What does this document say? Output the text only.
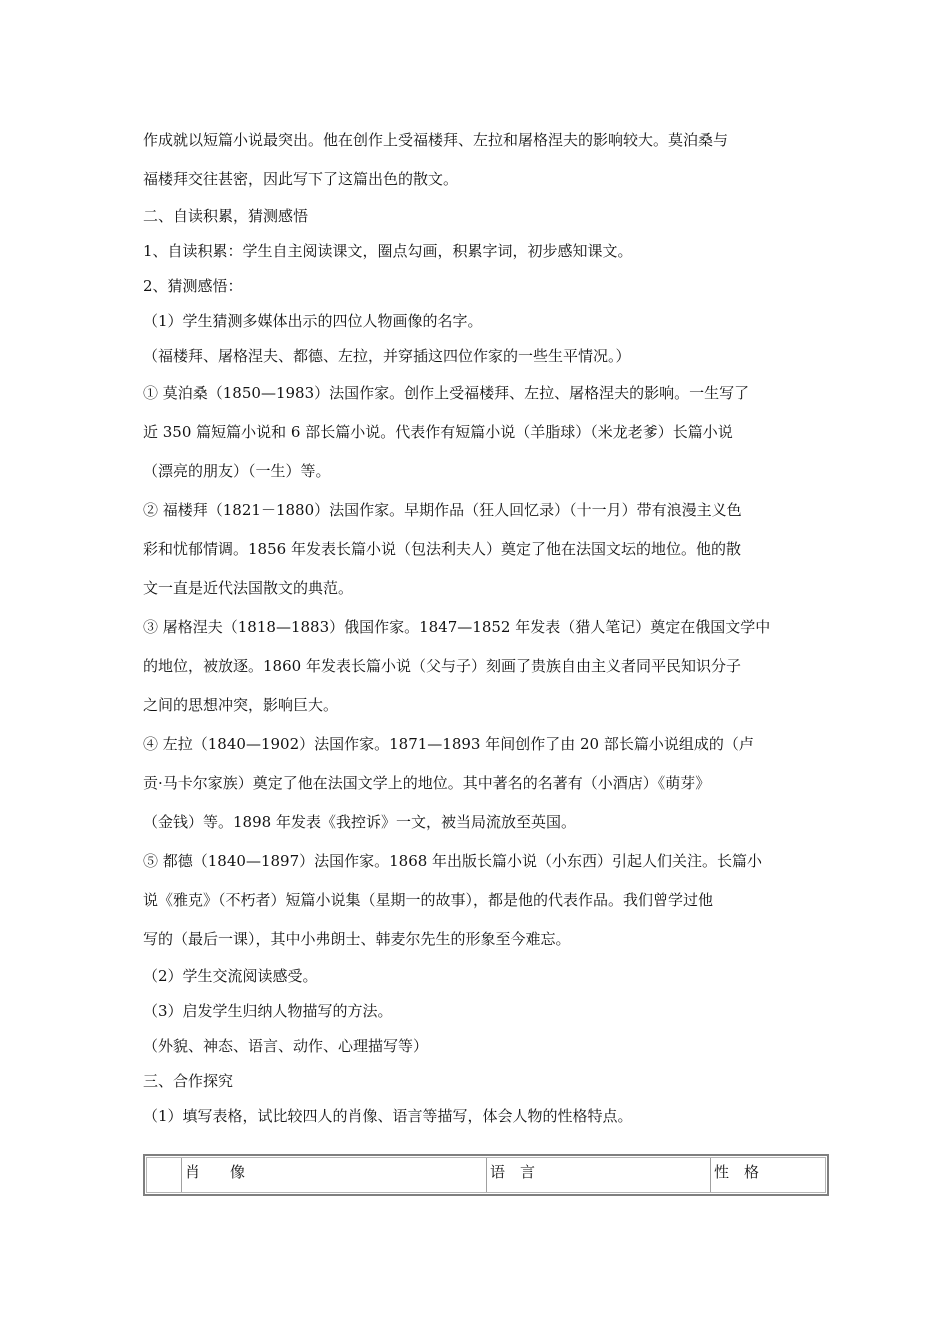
作成就以短篇小说最突出。他在创作上受福楼拜、左拉和屠格涅夫的影响较大。莫泊桑与

福楼拜交往甚密，因此写下了这篇出色的散文。

二、自读积累，猜测感悟

1、自读积累：学生自主阅读课文，圈点勾画，积累字词，初步感知课文。

2、猜测感悟：

（1）学生猜测多媒体出示的四位人物画像的名字。

（福楼拜、屠格涅夫、都德、左拉，并穿插这四位作家的一些生平情况。）

① 莫泊桑（1850—1983）法国作家。创作上受福楼拜、左拉、屠格涅夫的影响。一生写了

近 350 篇短篇小说和 6 部长篇小说。代表作有短篇小说（羊脂球）（米龙老爹）长篇小说

（漂亮的朋友）（一生）等。

② 福楼拜（1821－1880）法国作家。早期作品（狂人回忆录）（十一月）带有浪漫主义色

彩和忧郁情调。1856 年发表长篇小说（包法利夫人）奠定了他在法国文坛的地位。他的散

文一直是近代法国散文的典范。

③ 屠格涅夫（1818—1883）俄国作家。1847—1852 年发表（猎人笔记）奠定在俄国文学中

的地位，被放逐。1860 年发表长篇小说（父与子）刻画了贵族自由主义者同平民知识分子

之间的思想冲突，影响巨大。

④ 左拉（1840—1902）法国作家。1871—1893 年间创作了由 20 部长篇小说组成的（卢

贡·马卡尔家族）奠定了他在法国文学上的地位。其中著名的名著有（小酒店）《萌芽》

（金钱）等。1898 年发表《我控诉》一文，被当局流放至英国。

⑤ 都德（1840—1897）法国作家。1868 年出版长篇小说（小东西）引起人们关注。长篇小

说《雅克》（不朽者）短篇小说集（星期一的故事），都是他的代表作品。我们曾学过他

写的（最后一课），其中小弗朗士、韩麦尔先生的形象至今难忘。

（2）学生交流阅读感受。

（3）启发学生归纳人物描写的方法。

（外貌、神态、语言、动作、心理描写等）

三、合作探究

（1）填写表格，试比较四人的肖像、语言等描写，体会人物的性格特点。

肖　　像	语　言	性　格
